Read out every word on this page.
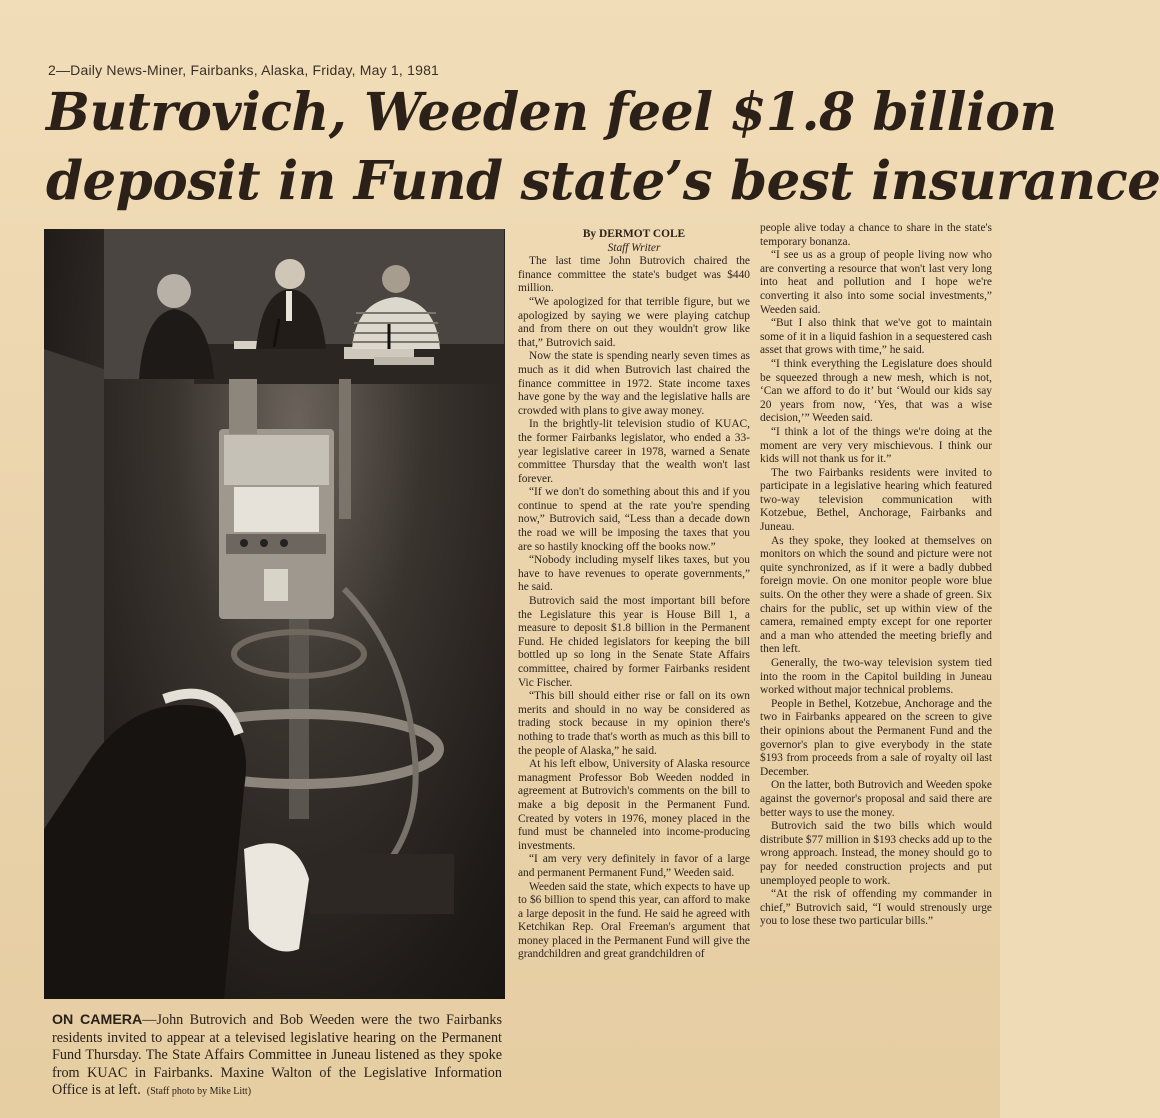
2—Daily News-Miner, Fairbanks, Alaska, Friday, May 1, 1981
Butrovich, Weeden feel $1.8 billion
deposit in Fund state’s best insurance
ON CAMERA—John Butrovich and Bob Weeden were the two Fairbanks residents invited to appear at a televised legislative hearing on the Permanent Fund Thursday. The State Affairs Committee in Juneau listened as they spoke from KUAC in Fairbanks. Maxine Walton of the Legislative Information Office is at left. (Staff photo by Mike Litt)

By DERMOT COLE

Staff Writer

The last time John Butrovich chaired the finance committee the state's budget was $440 million.

“We apologized for that terrible figure, but we apologized by saying we were playing catchup and from there on out they wouldn't grow like that,” Butrovich said.

Now the state is spending nearly seven times as much as it did when Butrovich last chaired the finance committee in 1972. State income taxes have gone by the way and the legislative halls are crowded with plans to give away money.

In the brightly-lit television studio of KUAC, the former Fairbanks legislator, who ended a 33-year legislative career in 1978, warned a Senate committee Thursday that the wealth won't last forever.

“If we don't do something about this and if you continue to spend at the rate you're spending now,” Butrovich said, “Less than a decade down the road we will be imposing the taxes that you are so hastily knocking off the books now.”

“Nobody including myself likes taxes, but you have to have revenues to operate governments,” he said.

Butrovich said the most important bill before the Legislature this year is House Bill 1, a measure to deposit $1.8 billion in the Permanent Fund. He chided legislators for keeping the bill bottled up so long in the Senate State Affairs committee, chaired by former Fairbanks resident Vic Fischer.

“This bill should either rise or fall on its own merits and should in no way be considered as trading stock because in my opinion there's nothing to trade that's worth as much as this bill to the people of Alaska,” he said.

At his left elbow, University of Alaska resource managment Professor Bob Weeden nodded in agreement at Butrovich's comments on the bill to make a big deposit in the Permanent Fund. Created by voters in 1976, money placed in the fund must be channeled into income-producing investments.

“I am very very definitely in favor of a large and permanent Permanent Fund,” Weeden said.

Weeden said the state, which expects to have up to $6 billion to spend this year, can afford to make a large deposit in the fund. He said he agreed with Ketchikan Rep. Oral Freeman's argument that money placed in the Permanent Fund will give the grandchildren and great grandchildren of

people alive today a chance to share in the state's temporary bonanza.

“I see us as a group of people living now who are converting a resource that won't last very long into heat and pollution and I hope we're converting it also into some social investments,” Weeden said.

“But I also think that we've got to maintain some of it in a liquid fashion in a sequestered cash asset that grows with time,” he said.

“I think everything the Legislature does should be squeezed through a new mesh, which is not, ‘Can we afford to do it’ but ‘Would our kids say 20 years from now, ‘Yes, that was a wise decision,’” Weeden said.

“I think a lot of the things we're doing at the moment are very very mischievous. I think our kids will not thank us for it.”

The two Fairbanks residents were invited to participate in a legislative hearing which featured two-way television communication with Kotzebue, Bethel, Anchorage, Fairbanks and Juneau.

As they spoke, they looked at themselves on monitors on which the sound and picture were not quite synchronized, as if it were a badly dubbed foreign movie. On one monitor people wore blue suits. On the other they were a shade of green. Six chairs for the public, set up within view of the camera, remained empty except for one reporter and a man who attended the meeting briefly and then left.

Generally, the two-way television system tied into the room in the Capitol building in Juneau worked without major technical problems.

People in Bethel, Kotzebue, Anchorage and the two in Fairbanks appeared on the screen to give their opinions about the Permanent Fund and the governor's plan to give everybody in the state $193 from proceeds from a sale of royalty oil last December.

On the latter, both Butrovich and Weeden spoke against the governor's proposal and said there are better ways to use the money.

Butrovich said the two bills which would distribute $77 million in $193 checks add up to the wrong approach. Instead, the money should go to pay for needed construction projects and put unemployed people to work.

“At the risk of offending my commander in chief,” Butrovich said, “I would strenously urge you to lose these two particular bills.”
